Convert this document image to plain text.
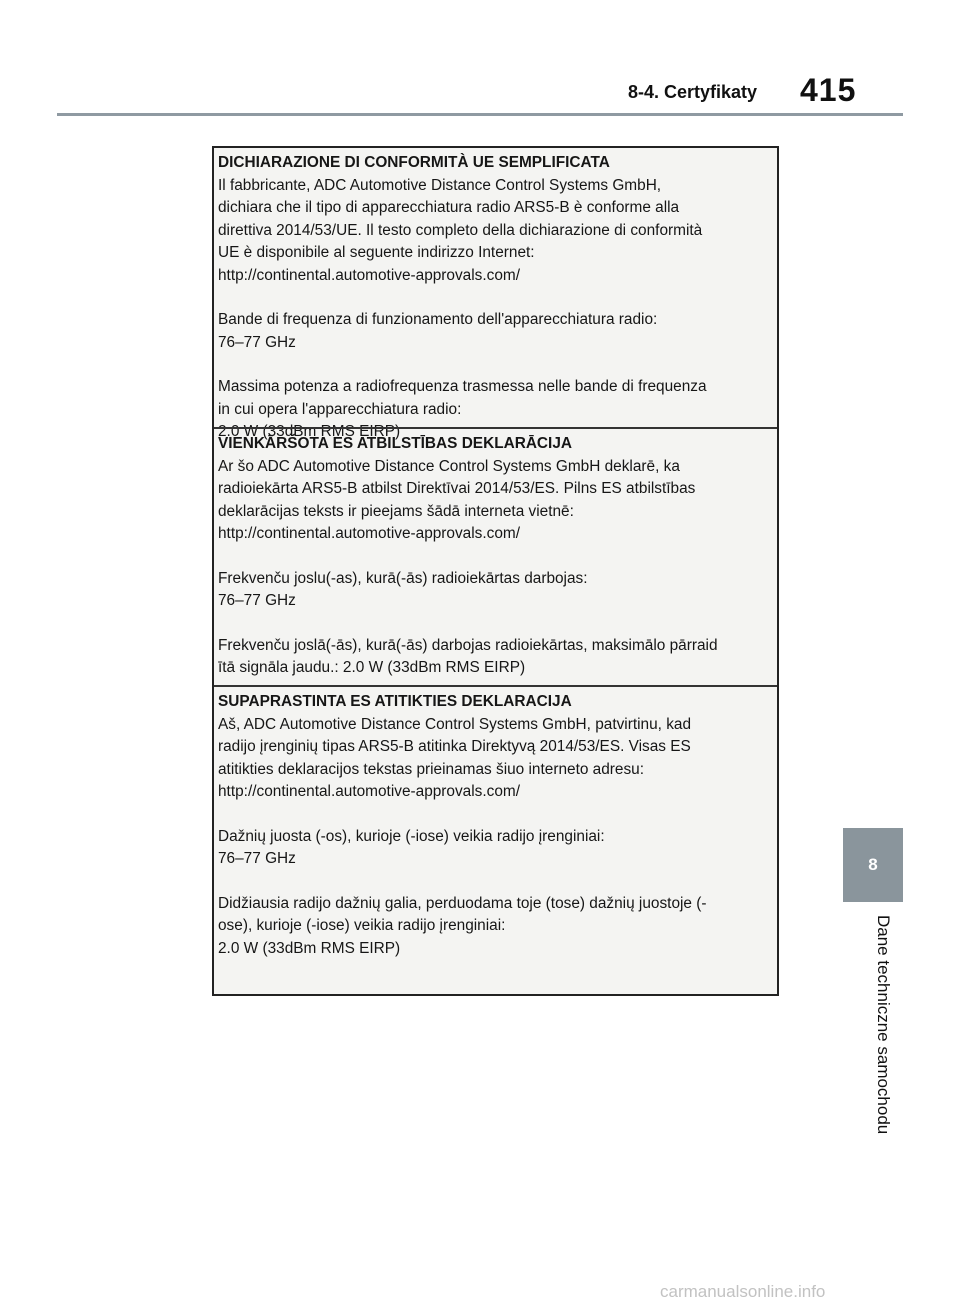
8-4. Certyfikaty 415

DICHIARAZIONE DI CONFORMITÀ UE SEMPLIFICATA

Il fabbricante, ADC Automotive Distance Control Systems GmbH,
dichiara che il tipo di apparecchiatura radio ARS5-B è conforme alla
direttiva 2014/53/UE. Il testo completo della dichiarazione di conformità
UE è disponibile al seguente indirizzo Internet:
http://continental.automotive-approvals.com/

Bande di frequenza di funzionamento dell'apparecchiatura radio:
76–77 GHz

Massima potenza a radiofrequenza trasmessa nelle bande di frequenza
in cui opera l'apparecchiatura radio:
2.0 W (33dBm RMS EIRP)

VIENKĀRŠOTA ES ATBILSTĪBAS DEKLARĀCIJA

Ar šo ADC Automotive Distance Control Systems GmbH deklarē, ka
radioiekārta ARS5-B atbilst Direktīvai 2014/53/ES. Pilns ES atbilstības
deklarācijas teksts ir pieejams šādā interneta vietnē:
http://continental.automotive-approvals.com/

Frekvenču joslu(-as), kurā(-ās) radioiekārtas darbojas:
76–77 GHz

Frekvenču joslā(-ās), kurā(-ās) darbojas radioiekārtas, maksimālo pārraid
ītā signāla jaudu.: 2.0 W (33dBm RMS EIRP)

SUPAPRASTINTA ES ATITIKTIES DEKLARACIJA

Aš, ADC Automotive Distance Control Systems GmbH, patvirtinu, kad
radijo įrenginių tipas ARS5-B atitinka Direktyvą 2014/53/ES. Visas ES
atitikties deklaracijos tekstas prieinamas šiuo interneto adresu:
http://continental.automotive-approvals.com/

Dažnių juosta (-os), kurioje (-iose) veikia radijo įrenginiai:
76–77 GHz

Didžiausia radijo dažnių galia, perduodama toje (tose) dažnių juostoje (-
ose), kurioje (-iose) veikia radijo įrenginiai:
2.0 W (33dBm RMS EIRP)

8
Dane techniczne samochodu
carmanualsonline.info
